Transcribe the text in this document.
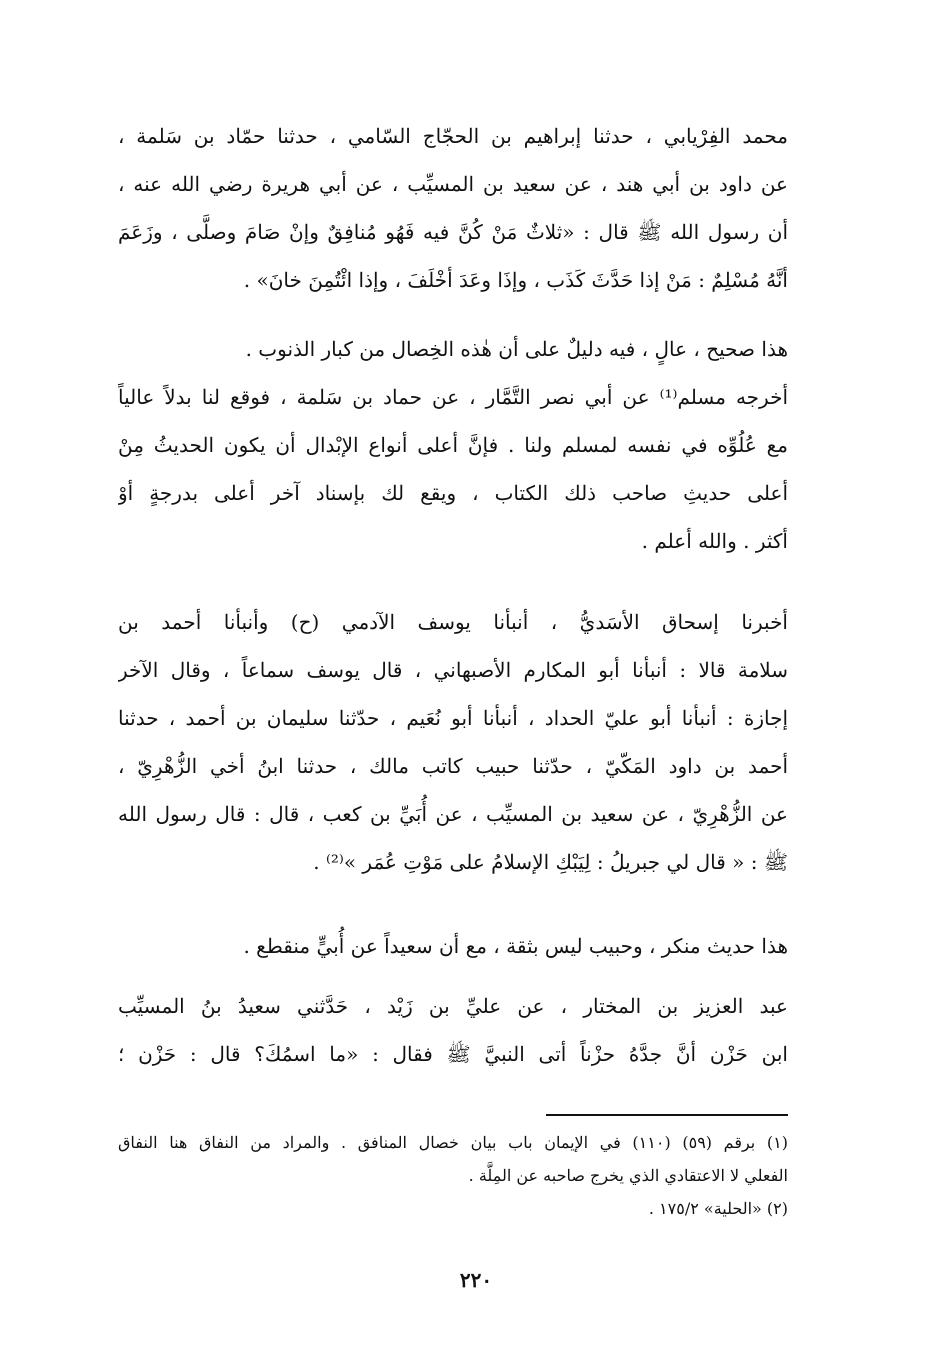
محمد الفِرْيابي ، حدثنا إبراهيم بن الحجّاج السّامي ، حدثنا حمّاد بن سَلمة ،
عن داود بن أبي هند ، عن سعيد بن المسيِّب ، عن أبي هريرة رضي الله عنه ،
أن رسول الله ﷺ قال : «ثلاثٌ مَنْ كُنَّ فيه فَهُو مُنافِقٌ وإنْ صَامَ وصلَّى ، وزَعَمَ
أنَّهُ مُسْلِمٌ : مَنْ إذا حَدَّثَ كَذَب ، وإذَا وعَدَ أخْلَفَ ، وإذا ائْتُمِنَ خانَ» .
هذا صحيح ، عالٍ ، فيه دليلٌ على أن هٰذه الخِصال من كبار الذنوب .
أخرجه مسلم⁽¹⁾ عن أبي نصر التَّمَّار ، عن حماد بن سَلمة ، فوقع لنا بدلاً عالياً
مع عُلُوِّه في نفسه لمسلم ولنا . فإنَّ أعلى أنواع الإبْدال أن يكون الحديثُ مِنْ
أعلى حديثِ صاحب ذلك الكتاب ، ويقع لك بإسناد آخر أعلى بدرجةٍ أوْ
أكثر . والله أعلم .
أخبرنا إسحاق الأسَديُّ ، أنبأنا يوسف الآدمي (ح) وأنبأنا أحمد بن
سلامة قالا : أنبأنا أبو المكارم الأصبهاني ، قال يوسف سماعاً ، وقال الآخر
إجازة : أنبأنا أبو عليّ الحداد ، أنبأنا أبو نُعَيم ، حدّثنا سليمان بن أحمد ، حدثنا
أحمد بن داود المَكّيّ ، حدّثنا حبيب كاتب مالك ، حدثنا ابنُ أخي الزُّهْرِيّ ،
عن الزُّهْرِيّ ، عن سعيد بن المسيِّب ، عن أُبَيِّ بن كعب ، قال : قال رسول الله
ﷺ : « قال لي جبريلُ : لِيَبْكِ الإسلامُ على مَوْتِ عُمَر »⁽²⁾ .
هذا حديث منكر ، وحبيب ليس بثقة ، مع أن سعيداً عن أُبيٍّ منقطع .
عبد العزيز بن المختار ، عن عليِّ بن زَيْد ، حَدَّثني سعيدُ بنُ المسيِّب
ابن حَزْن أنَّ جدَّهُ حزْناً أتى النبيَّ ﷺ فقال : «ما اسمُكَ؟ قال : حَزْن ؛
(١) برقم (٥٩) (١١٠) في الإيمان باب بيان خصال المنافق . والمراد من النفاق هنا النفاق
الفعلي لا الاعتقادي الذي يخرج صاحبه عن المِلَّة .
(٢) «الحلية» ١٧٥/٢ .
٢٢٠
